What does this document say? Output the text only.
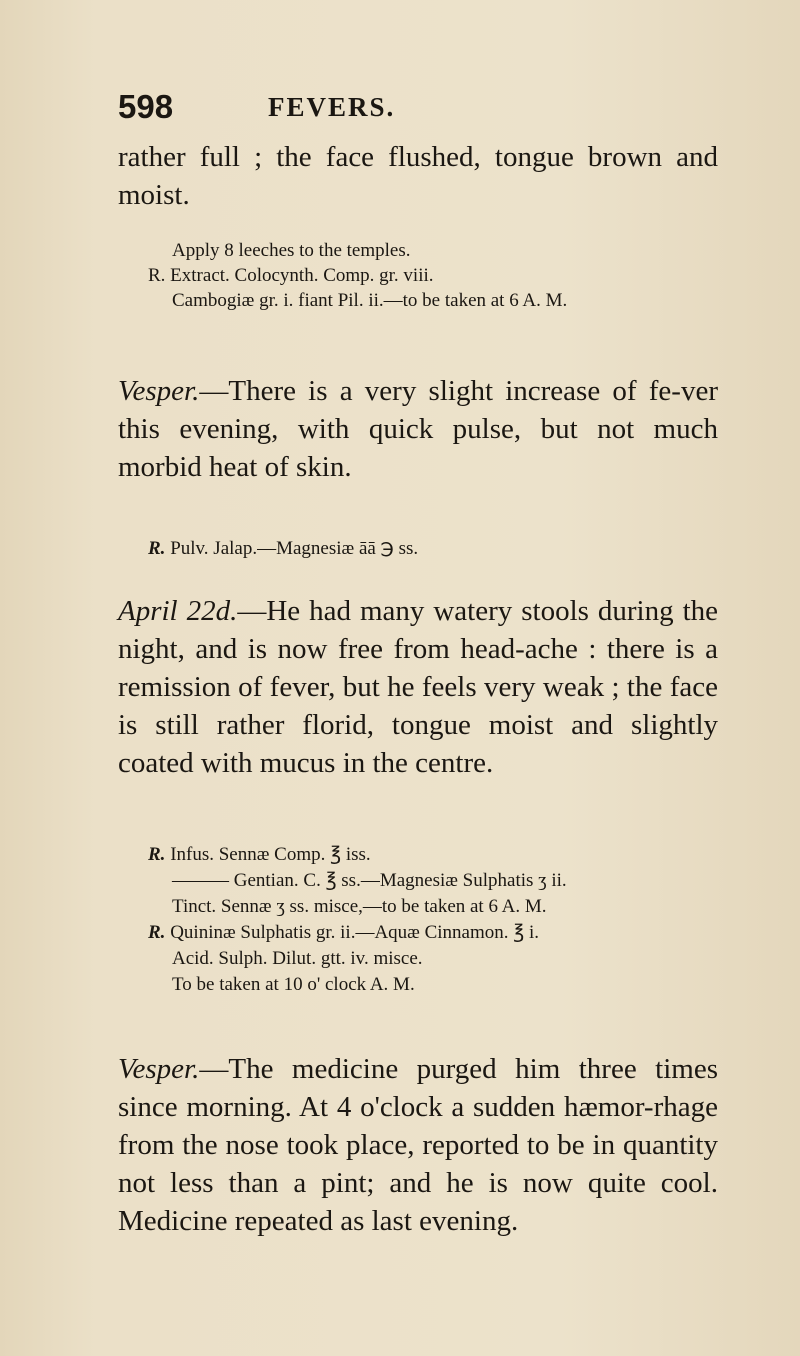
598	FEVERS.

rather full ; the face flushed, tongue brown and moist.

Apply 8 leeches to the temples.
R. Extract. Colocynth. Comp. gr. viii.
Cambogiæ gr. i. fiant Pil. ii.—to be taken at 6 A. M.

Vesper.—There is a very slight increase of fe-ver this evening, with quick pulse, but not much morbid heat of skin.

R. Pulv. Jalap.—Magnesiæ āā ℈ ss.

April 22d.—He had many watery stools during the night, and is now free from head-ache : there is a remission of fever, but he feels very weak ; the face is still rather florid, tongue moist and slightly coated with mucus in the centre.

R. Infus. Sennæ Comp. ℥ iss.
——— Gentian. C. ℥ ss.—Magnesiæ Sulphatis ʒ ii.
Tinct. Sennæ ʒ ss. misce,—to be taken at 6 A. M.
R. Quininæ Sulphatis gr. ii.—Aquæ Cinnamon. ℥ i.
Acid. Sulph. Dilut. gtt. iv. misce.
To be taken at 10 o' clock A. M.

Vesper.—The medicine purged him three times since morning. At 4 o'clock a sudden hæmor-rhage from the nose took place, reported to be in quantity not less than a pint; and he is now quite cool. Medicine repeated as last evening.
